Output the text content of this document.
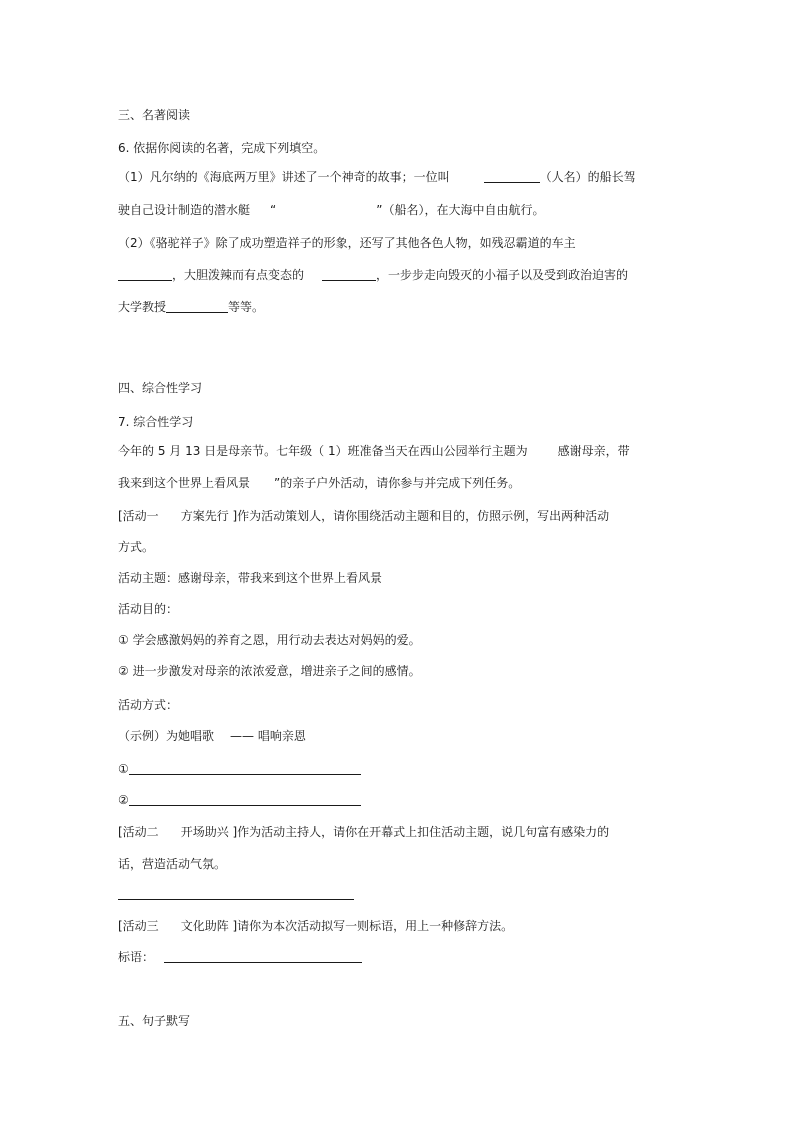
三、名著阅读
6. 依据你阅读的名著，完成下列填空。
（1）凡尔纳的《海底两万里》讲述了一个神奇的故事；一位叫	（人名）的船长驾
驶自己设计制造的潜水艇 “	”（船名），在大海中自由航行。
（2）《骆驼祥子》除了成功塑造祥子的形象，还写了其他各色人物，如残忍霸道的车主
，大胆泼辣而有点变态的	，一步步走向毁灭的小福子以及受到政治迫害的
大学教授	等等。
四、综合性学习
7. 综合性学习
今年的 5 月 13 日是母亲节。七年级（ 1）班准备当天在西山公园举行主题为	感谢母亲，带
我来到这个世界上看风景 ”的亲子户外活动，请你参与并完成下列任务。
[活动一 方案先行 ]作为活动策划人，请你围绕活动主题和目的，仿照示例，写出两种活动
方式。
活动主题：感谢母亲，带我来到这个世界上看风景
活动目的：
① 学会感激妈妈的养育之恩，用行动去表达对妈妈的爱。
② 进一步激发对母亲的浓浓爱意，增进亲子之间的感情。
活动方式：
（示例）为她唱歌 —— 唱响亲恩
①
②
[活动二 开场助兴 ]作为活动主持人，请你在开幕式上扣住活动主题，说几句富有感染力的
话，营造活动气氛。
[活动三 文化助阵 ]请你为本次活动拟写一则标语，用上一种修辞方法。
标语：
五、句子默写
